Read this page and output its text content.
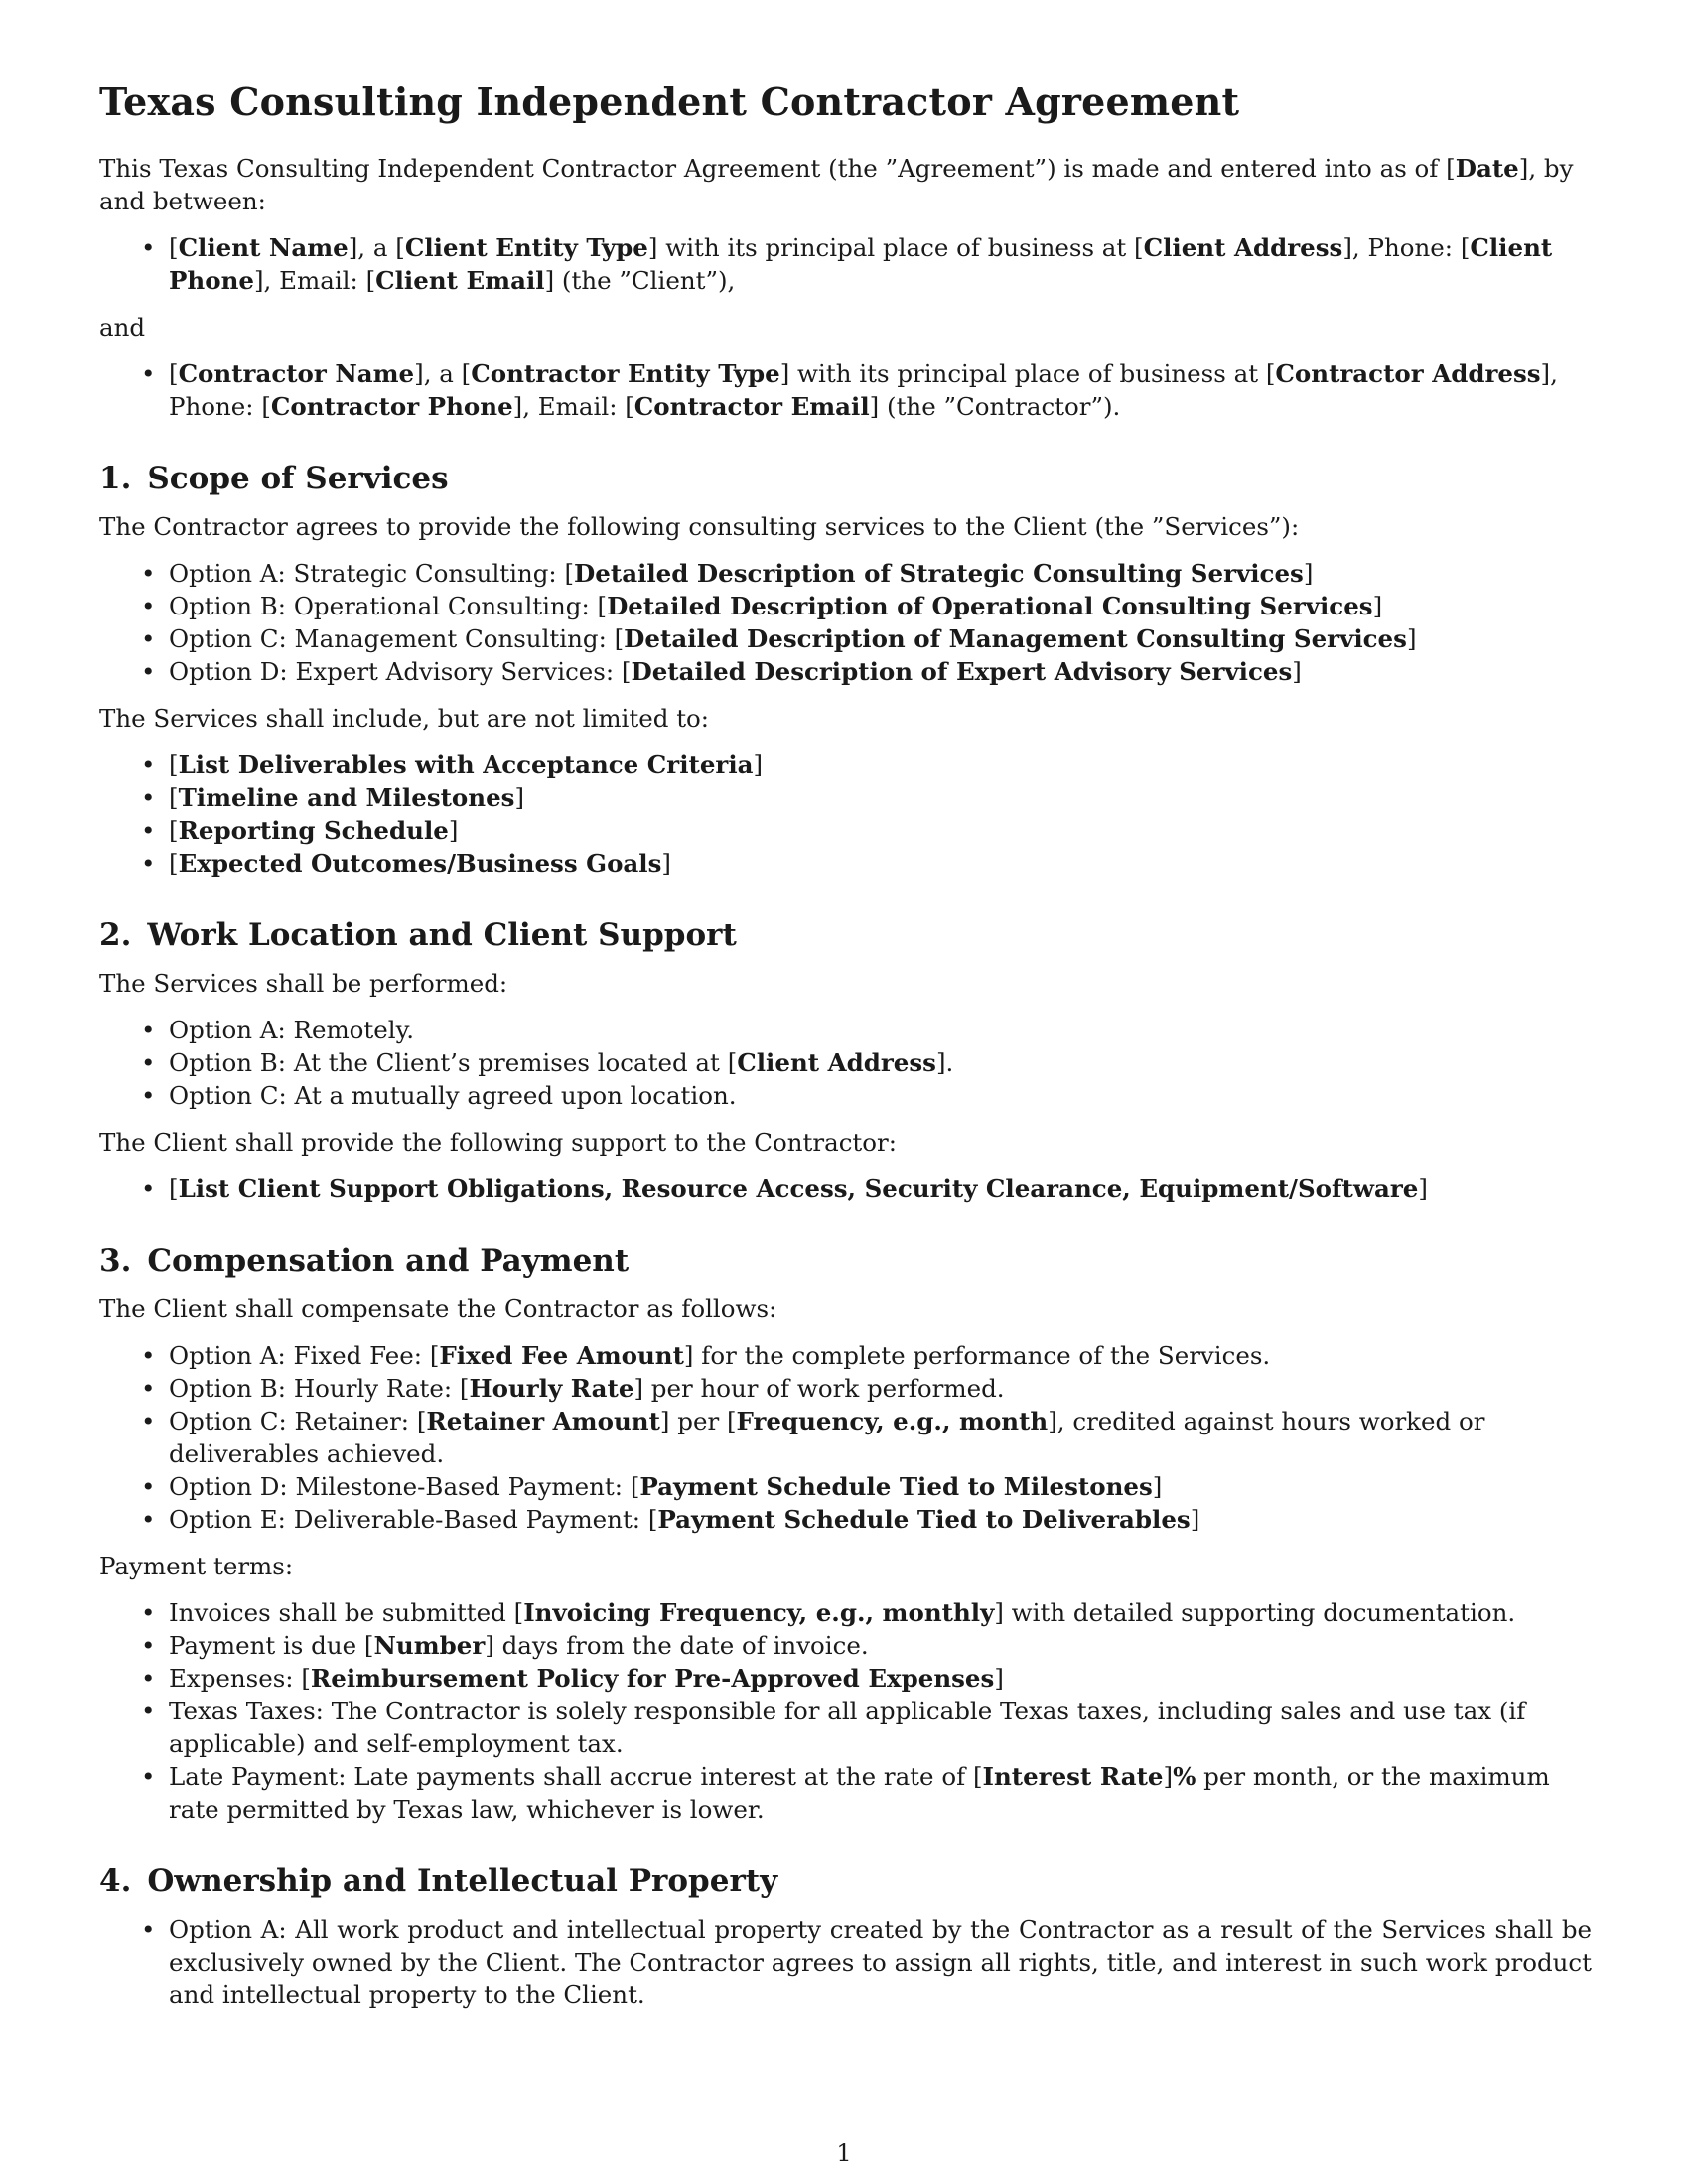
Texas Consulting Independent Contractor Agreement

This Texas Consulting Independent Contractor Agreement (the ”Agreement”) is made and entered into as of [Date], by and between:

• [Client Name], a [Client Entity Type] with its principal place of business at [Client Address], Phone: [Client Phone], Email: [Client Email] (the ”Client”),

and

• [Contractor Name], a [Contractor Entity Type] with its principal place of business at [Contractor Address], Phone: [Contractor Phone], Email: [Contractor Email] (the ”Contractor”).
1. Scope of Services

The Contractor agrees to provide the following consulting services to the Client (the ”Services”):

• Option A: Strategic Consulting: [Detailed Description of Strategic Consulting Services]
• Option B: Operational Consulting: [Detailed Description of Operational Consulting Services]
• Option C: Management Consulting: [Detailed Description of Management Consulting Services]
• Option D: Expert Advisory Services: [Detailed Description of Expert Advisory Services]

The Services shall include, but are not limited to:

• [List Deliverables with Acceptance Criteria]
• [Timeline and Milestones]
• [Reporting Schedule]
• [Expected Outcomes/Business Goals]
2. Work Location and Client Support

The Services shall be performed:

• Option A: Remotely.
• Option B: At the Client’s premises located at [Client Address].
• Option C: At a mutually agreed upon location.

The Client shall provide the following support to the Contractor:

• [List Client Support Obligations, Resource Access, Security Clearance, Equipment/Software]
3. Compensation and Payment

The Client shall compensate the Contractor as follows:

• Option A: Fixed Fee: [Fixed Fee Amount] for the complete performance of the Services.
• Option B: Hourly Rate: [Hourly Rate] per hour of work performed.
• Option C: Retainer: [Retainer Amount] per [Frequency, e.g., month], credited against hours worked or deliverables achieved.
• Option D: Milestone-Based Payment: [Payment Schedule Tied to Milestones]
• Option E: Deliverable-Based Payment: [Payment Schedule Tied to Deliverables]

Payment terms:

• Invoices shall be submitted [Invoicing Frequency, e.g., monthly] with detailed supporting documentation.
• Payment is due [Number] days from the date of invoice.
• Expenses: [Reimbursement Policy for Pre-Approved Expenses]
• Texas Taxes: The Contractor is solely responsible for all applicable Texas taxes, including sales and use tax (if applicable) and self-employment tax.
• Late Payment: Late payments shall accrue interest at the rate of [Interest Rate]% per month, or the maximum rate permitted by Texas law, whichever is lower.
4. Ownership and Intellectual Property
• Option A: All work product and intellectual property created by the Contractor as a result of the Services shall be exclusively owned by the Client. The Contractor agrees to assign all rights, title, and interest in such work product and intellectual property to the Client.
1
